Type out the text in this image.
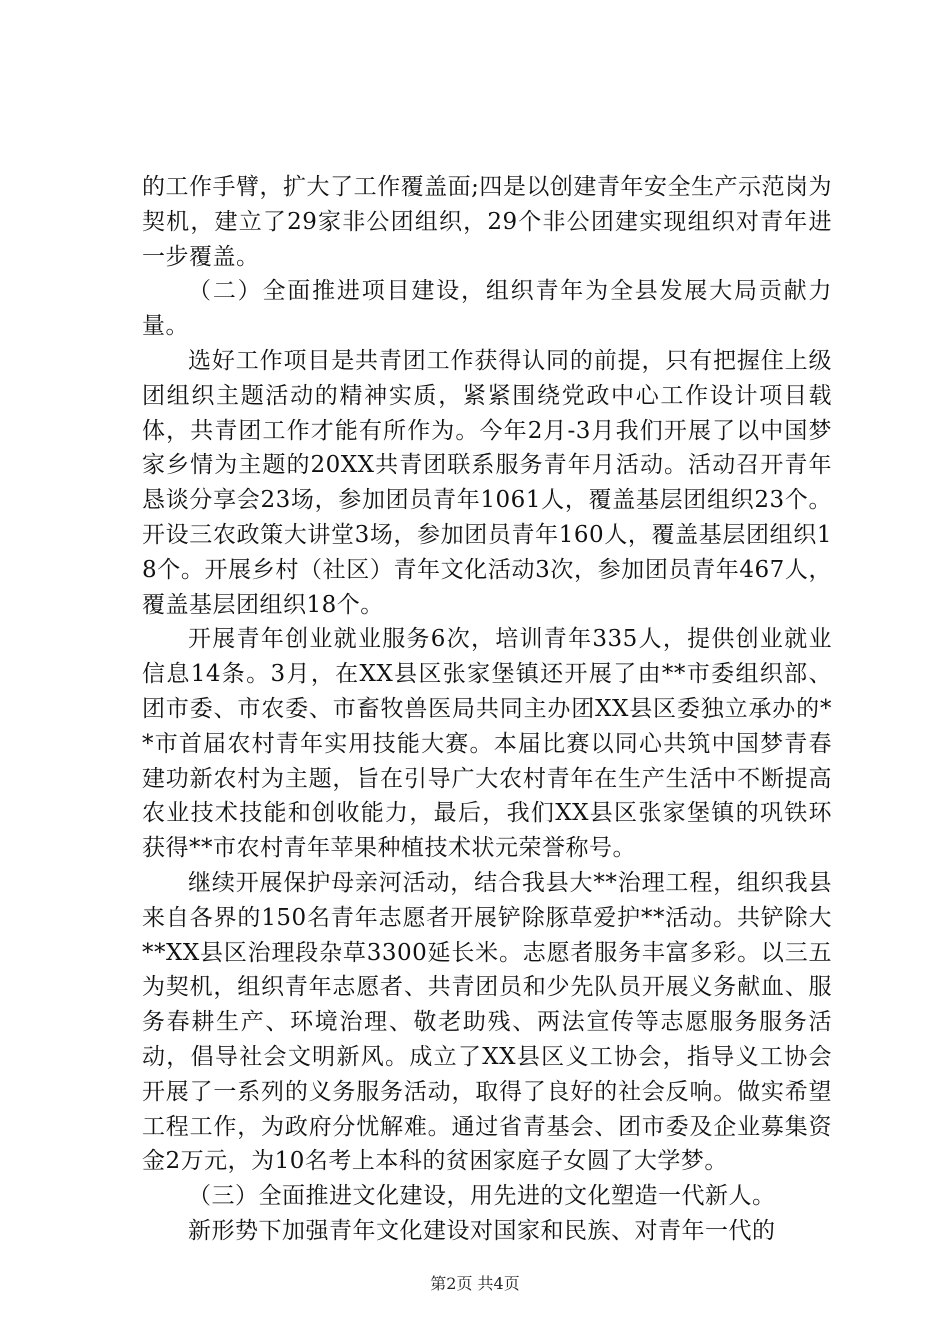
的工作手臂，扩大了工作覆盖面;四是以创建青年安全生产示范岗为契机，建立了29家非公团组织，29个非公团建实现组织对青年进一步覆盖。

（二）全面推进项目建设，组织青年为全县发展大局贡献力量。

选好工作项目是共青团工作获得认同的前提，只有把握住上级团组织主题活动的精神实质，紧紧围绕党政中心工作设计项目载体，共青团工作才能有所作为。今年2月-3月我们开展了以中国梦家乡情为主题的20XX共青团联系服务青年月活动。活动召开青年恳谈分享会23场，参加团员青年1061人，覆盖基层团组织23个。开设三农政策大讲堂3场，参加团员青年160人，覆盖基层团组织18个。开展乡村（社区）青年文化活动3次，参加团员青年467人，覆盖基层团组织18个。

开展青年创业就业服务6次，培训青年335人，提供创业就业信息14条。3月，在XX县区张家堡镇还开展了由**市委组织部、团市委、市农委、市畜牧兽医局共同主办团XX县区委独立承办的**市首届农村青年实用技能大赛。本届比赛以同心共筑中国梦青春建功新农村为主题，旨在引导广大农村青年在生产生活中不断提高农业技术技能和创收能力，最后，我们XX县区张家堡镇的巩铁环获得**市农村青年苹果种植技术状元荣誉称号。

继续开展保护母亲河活动，结合我县大**治理工程，组织我县来自各界的150名青年志愿者开展铲除豚草爱护**活动。共铲除大**XX县区治理段杂草3300延长米。志愿者服务丰富多彩。以三五为契机，组织青年志愿者、共青团员和少先队员开展义务献血、服务春耕生产、环境治理、敬老助残、两法宣传等志愿服务服务活动，倡导社会文明新风。成立了XX县区义工协会，指导义工协会开展了一系列的义务服务活动，取得了良好的社会反响。做实希望工程工作，为政府分忧解难。通过省青基会、团市委及企业募集资金2万元，为10名考上本科的贫困家庭子女圆了大学梦。

（三）全面推进文化建设，用先进的文化塑造一代新人。

新形势下加强青年文化建设对国家和民族、对青年一代的

第2页 共4页
